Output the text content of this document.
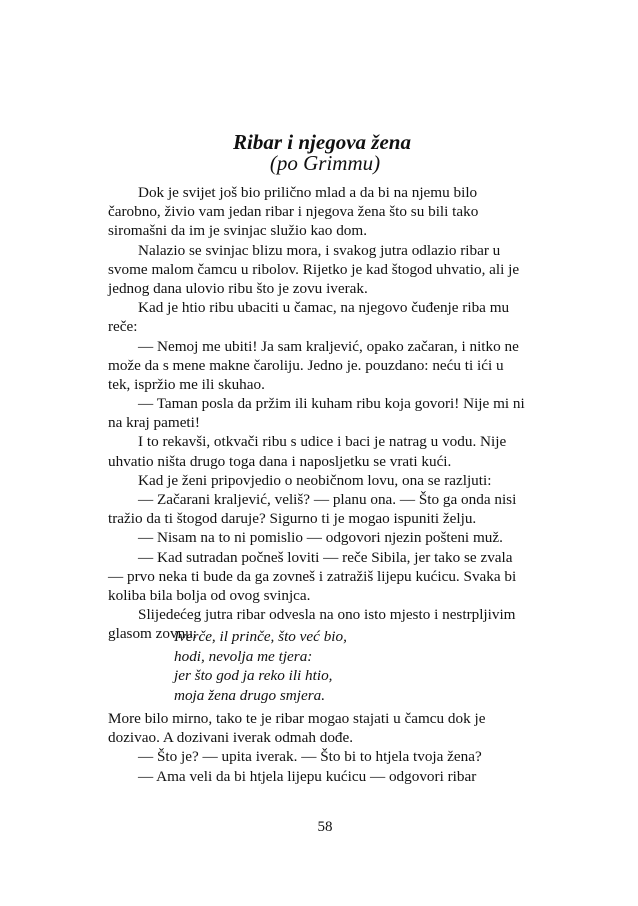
Ribar i njegova žena
(po Grimmu)
Dok je svijet još bio prilično mlad a da bi na njemu bilo
čarobno, živio vam jedan ribar i njegova žena što su bili tako
siromašni da im je svinjac služio kao dom.
Nalazio se svinjac blizu mora, i svakog jutra odlazio ribar u
svome malom čamcu u ribolov. Rijetko je kad štogod uhvatio, ali je
jednog dana ulovio ribu što je zovu iverak.
Kad je htio ribu ubaciti u čamac, na njegovo čuđenje riba mu
reče:
— Nemoj me ubiti! Ja sam kraljević, opako začaran, i nitko ne
može da s mene makne čaroliju. Jedno je. pouzdano: neću ti ići u
tek, ispržio me ili skuhao.
— Taman posla da pržim ili kuham ribu koja govori! Nije mi ni
na kraj pameti!
I to rekavši, otkvači ribu s udice i baci je natrag u vodu. Nije
uhvatio ništa drugo toga dana i naposljetku se vrati kući.
Kad je ženi pripovjedio o neobičnom lovu, ona se razljuti:
— Začarani kraljević, veliš? — planu ona. — Što ga onda nisi
tražio da ti štogod daruje? Sigurno ti je mogao ispuniti želju.
— Nisam na to ni pomislio — odgovori njezin pošteni muž.
— Kad sutradan počneš loviti — reče Sibila, jer tako se zvala
— prvo neka ti bude da ga zovneš i zatražiš lijepu kućicu. Svaka bi
koliba bila bolja od ovog svinjca.
Slijedećeg jutra ribar odvesla na ono isto mjesto i nestrpljivim
glasom zovnu:
Iverče, il prinče, što već bio,
hodi, nevolja me tjera:
jer što god ja reko ili htio,
moja žena drugo smjera.
More bilo mirno, tako te je ribar mogao stajati u čamcu dok je
dozivao. A dozivani iverak odmah dođe.
— Što je? — upita iverak. — Što bi to htjela tvoja žena?
— Ama veli da bi htjela lijepu kućicu — odgovori ribar
58
